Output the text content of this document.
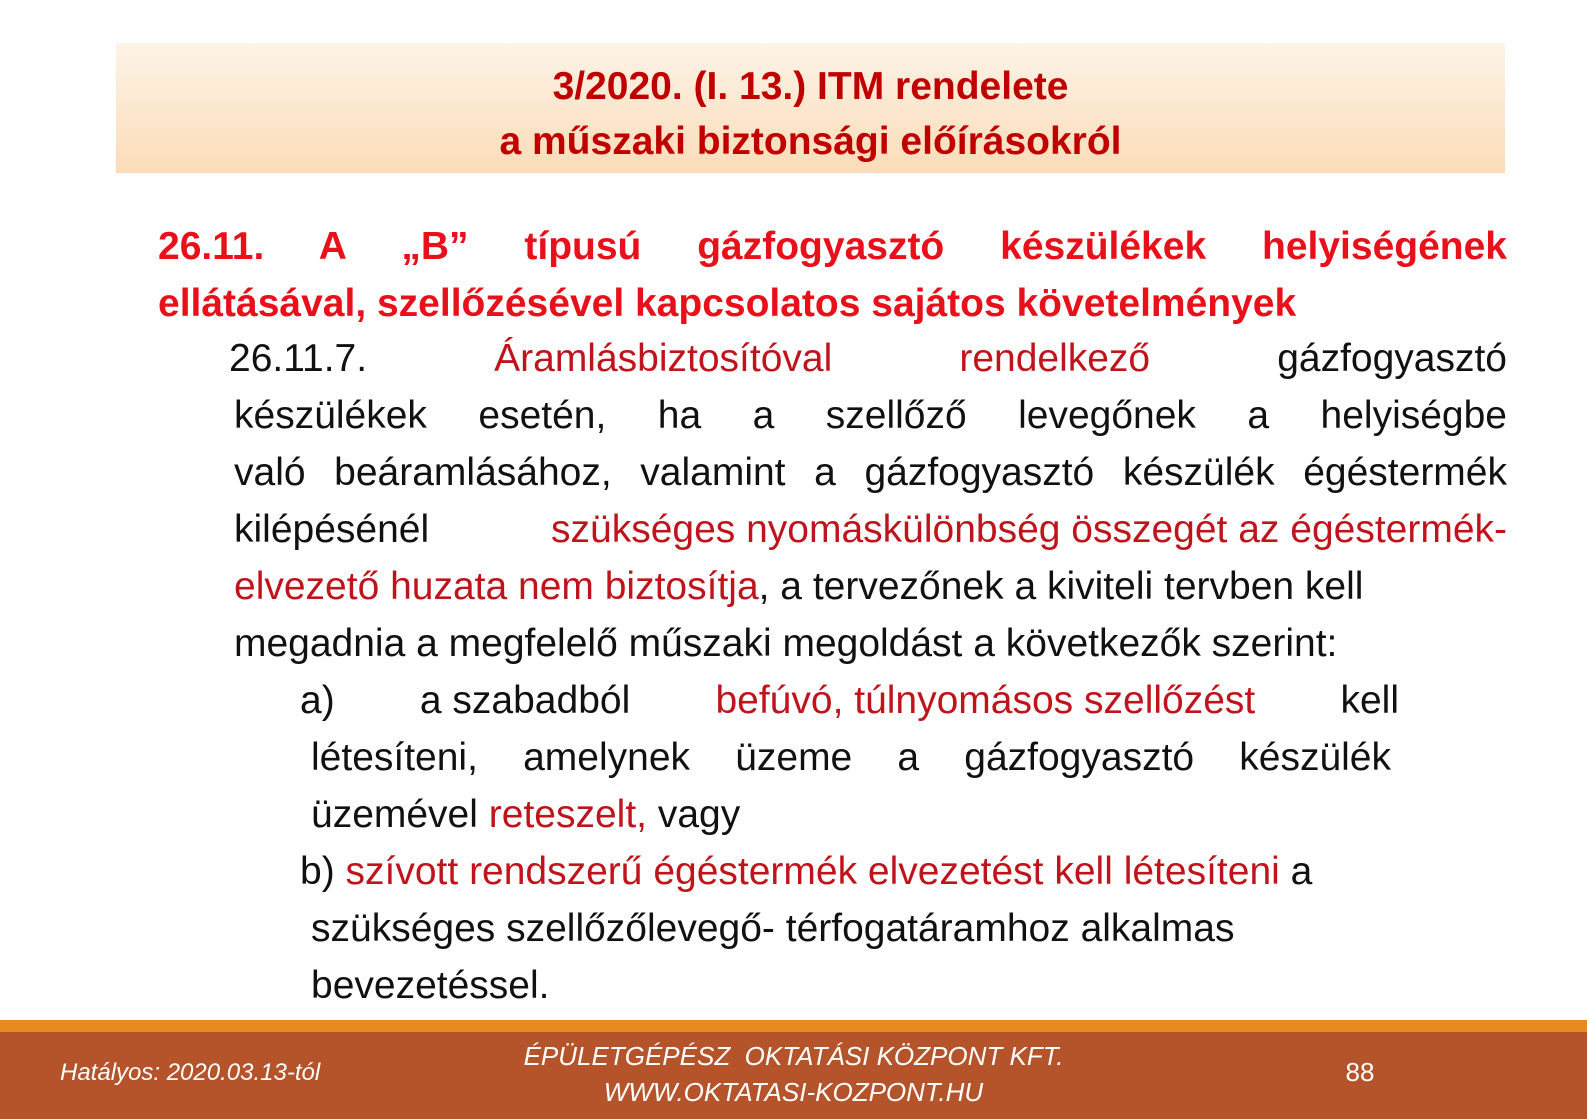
3/2020. (I. 13.) ITM rendelete
a műszaki biztonsági előírásokról
26.11. A „B” típusú gázfogyasztó készülékek helyiségének
ellátásával, szellőzésével kapcsolatos sajátos követelmények
26.11.7.	Áramlásbiztosítóval	rendelkező	gázfogyasztó
készülékek esetén, ha a szellőző levegőnek a helyiségbe
való beáramlásához, valamint a gázfogyasztó készülék égéstermék
kilépésénél	szükséges nyomáskülönbség összegét az égéstermék-
elvezető huzata nem biztosítja , a tervezőnek a kiviteli tervben kell
megadnia a megfelelő műszaki megoldást a következők szerint:
a) a szabadból befúvó, túlnyomásos szellőzést kell
létesíteni, amelynek üzeme a gázfogyasztó készülék
üzemével reteszelt, vagy
b) szívott rendszerű égéstermék elvezetést kell létesíteni a
szükséges szellőzőlevegő- térfogatáramhoz alkalmas
bevezetéssel.
Hatályos: 2020.03.13-tól
ÉPÜLETGÉPÉSZ  OKTATÁSI KÖZPONT KFT.
WWW.OKTATASI-KOZPONT.HU
88
